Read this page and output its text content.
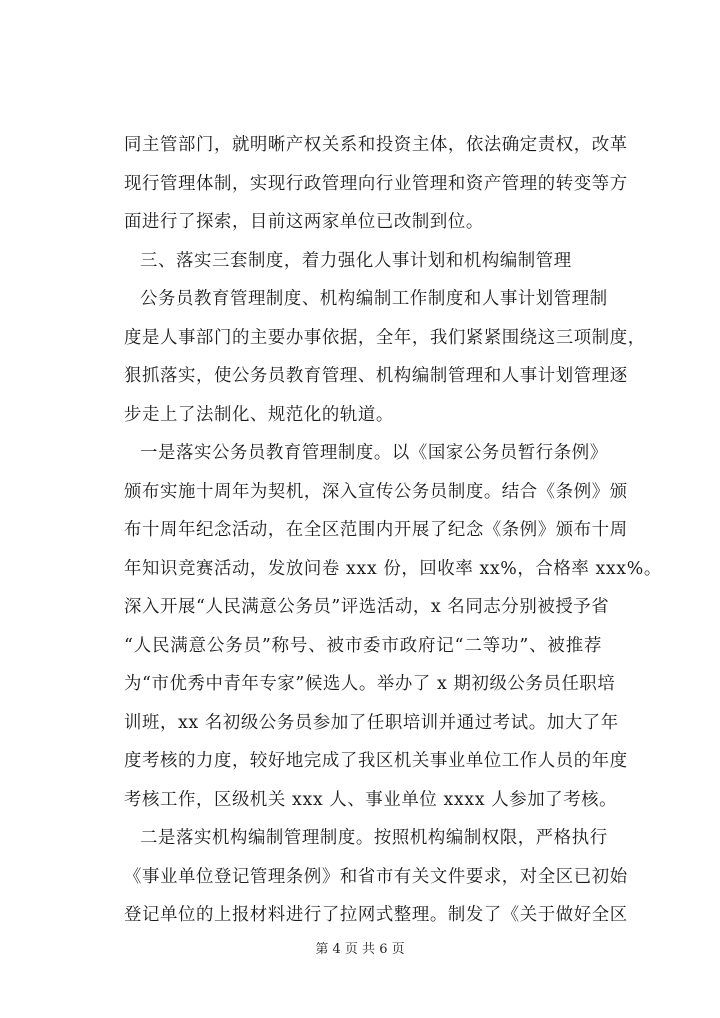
同主管部门，就明晰产权关系和投资主体，依法确定责权，改革
现行管理体制，实现行政管理向行业管理和资产管理的转变等方
面进行了探索，目前这两家单位已改制到位。
三、落实三套制度，着力强化人事计划和机构编制管理
公务员教育管理制度、机构编制工作制度和人事计划管理制
度是人事部门的主要办事依据，全年，我们紧紧围绕这三项制度，
狠抓落实，使公务员教育管理、机构编制管理和人事计划管理逐
步走上了法制化、规范化的轨道。
一是落实公务员教育管理制度。以《国家公务员暂行条例》
颁布实施十周年为契机，深入宣传公务员制度。结合《条例》颁
布十周年纪念活动，在全区范围内开展了纪念《条例》颁布十周
年知识竞赛活动，发放问卷 xxx 份，回收率 xx%，合格率 xxx%。
深入开展“人民满意公务员”评选活动，x 名同志分别被授予省
“人民满意公务员”称号、被市委市政府记“二等功”、被推荐
为“市优秀中青年专家”候选人。举办了 x 期初级公务员任职培
训班，xx 名初级公务员参加了任职培训并通过考试。加大了年
度考核的力度，较好地完成了我区机关事业单位工作人员的年度
考核工作，区级机关 xxx 人、事业单位 xxxx 人参加了考核。
二是落实机构编制管理制度。按照机构编制权限，严格执行
《事业单位登记管理条例》和省市有关文件要求，对全区已初始
登记单位的上报材料进行了拉网式整理。制发了《关于做好全区
第 4 页 共 6 页
